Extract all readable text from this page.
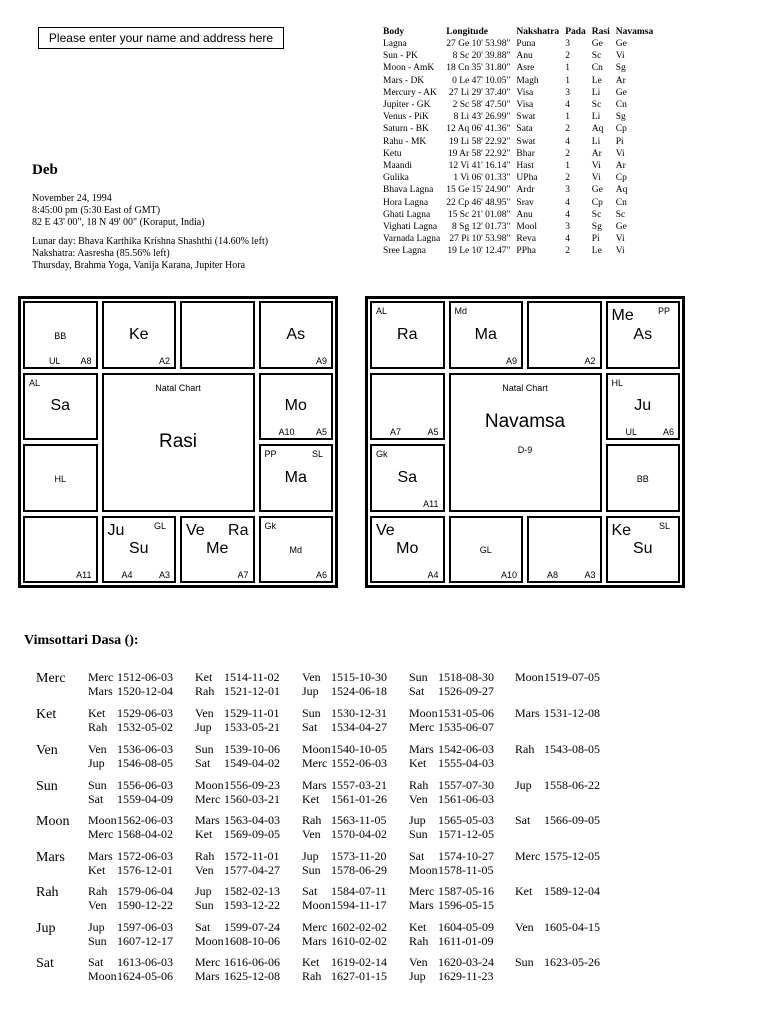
Please enter your name and address here
Deb
November 24, 1994
8:45:00 pm (5:30 East of GMT)
82 E 43' 00", 18 N 49' 00" (Koraput, India)
Lunar day: Bhava Karthika Krishna Shashthi (14.60% left)
Nakshatra: Aasresha (85.56% left)
Thursday, Brahma Yoga, Vanija Karana, Jupiter Hora
Body	Longitude	Nakshatra	Pada	Rasi	Navamsa
Lagna	27 Ge 10' 53.98"	Puna	3	Ge	Ge
Sun - PK	8 Sc 20' 39.88"	Anu	2	Sc	Vi
Moon - AmK	18 Cn 35' 31.80"	Asre	1	Cn	Sg
Mars - DK	0 Le 47' 10.05"	Magh	1	Le	Ar
Mercury - AK	27 Li 29' 37.40"	Visa	3	Li	Ge
Jupiter - GK	2 Sc 58' 47.50"	Visa	4	Sc	Cn
Venus - PiK	8 Li 43' 26.99"	Swat	1	Li	Sg
Saturn - BK	12 Aq 06' 41.36"	Sata	2	Aq	Cp
Rahu - MK	19 Li 58' 22.92"	Swat	4	Li	Pi
Ketu	19 Ar 58' 22.92"	Bhar	2	Ar	Vi
Maandi	12 Vi 41' 16.14"	Hast	1	Vi	Ar
Gulika	1 Vi 06' 01.33"	UPha	2	Vi	Cp
Bhava Lagna	15 Ge 15' 24.90"	Ardr	3	Ge	Aq
Hora Lagna	22 Cp 46' 48.95"	Srav	4	Cp	Cn
Ghati Lagna	15 Sc 21' 01.08"	Anu	4	Sc	Sc
Vighati Lagna	8 Sg 12' 01.73"	Mool	3	Sg	Ge
Varnada Lagna	27 Pi 10' 53.98"	Reva	4	Pi	Vi
Sree Lagna	19 Le 10' 12.47"	PPha	2	Le	Vi
BB
UL A8
Ke
A2
As
A9
AL
Sa	Mo
A10 A5
HL
PP	SL
Ma
A11
Ju	GL
Su
A4	A3
Ve Ra
Me
A7
Gk
Md
A6
Natal Chart
Rasi
AL
Ra
Md
Ma
A9	A2
Me	PP
As
A7	A5
HL
Ju
UL	A6
Gk
Sa
A11
BB
Ve
Mo
A4
GL
A10	A8	A3
Ke	SL
Su
Natal Chart
Navamsa
D-9
Vimsottari Dasa ():
Merc Merc 1512-06-03 Ket 1514-11-02 Ven 1515-10-30 Sun 1518-08-30 Moon1519-07-05
Mars 1520-12-04 Rah 1521-12-01 Jup 1524-06-18 Sat 1526-09-27
Ket	Ket 1529-06-03 Ven 1529-11-01 Sun 1530-12-31 Moon1531-05-06 Mars 1531-12-08
Rah 1532-05-02 Jup 1533-05-21 Sat 1534-04-27 Merc 1535-06-07
Ven	Ven 1536-06-03 Sun 1539-10-06 Moon1540-10-05 Mars 1542-06-03 Rah 1543-08-05
Jup 1546-08-05 Sat 1549-04-02 Merc 1552-06-03 Ket 1555-04-03
Sun	Sun 1556-06-03 Moon1556-09-23 Mars 1557-03-21 Rah 1557-07-30 Jup 1558-06-22
Sat 1559-04-09 Merc 1560-03-21 Ket 1561-01-26 Ven 1561-06-03
Moon Moon1562-06-03 Mars 1563-04-03 Rah 1563-11-05 Jup 1565-05-03 Sat 1566-09-05
Merc 1568-04-02 Ket 1569-09-05 Ven 1570-04-02 Sun 1571-12-05
Mars Mars 1572-06-03 Rah 1572-11-01 Jup 1573-11-20 Sat 1574-10-27 Merc 1575-12-05
Ket 1576-12-01 Ven 1577-04-27 Sun 1578-06-29 Moon1578-11-05
Rah Rah 1579-06-04 Jup 1582-02-13 Sat 1584-07-11 Merc 1587-05-16 Ket 1589-12-04
Ven 1590-12-22 Sun 1593-12-22 Moon1594-11-17 Mars 1596-05-15
Jup	Jup 1597-06-03 Sat 1599-07-24 Merc 1602-02-02 Ket 1604-05-09 Ven 1605-04-15
Sun 1607-12-17 Moon1608-10-06 Mars 1610-02-02 Rah 1611-01-09
Sat	Sat 1613-06-03 Merc 1616-06-06 Ket 1619-02-14 Ven 1620-03-24 Sun 1623-05-26
Moon1624-05-06 Mars 1625-12-08 Rah 1627-01-15 Jup 1629-11-23
